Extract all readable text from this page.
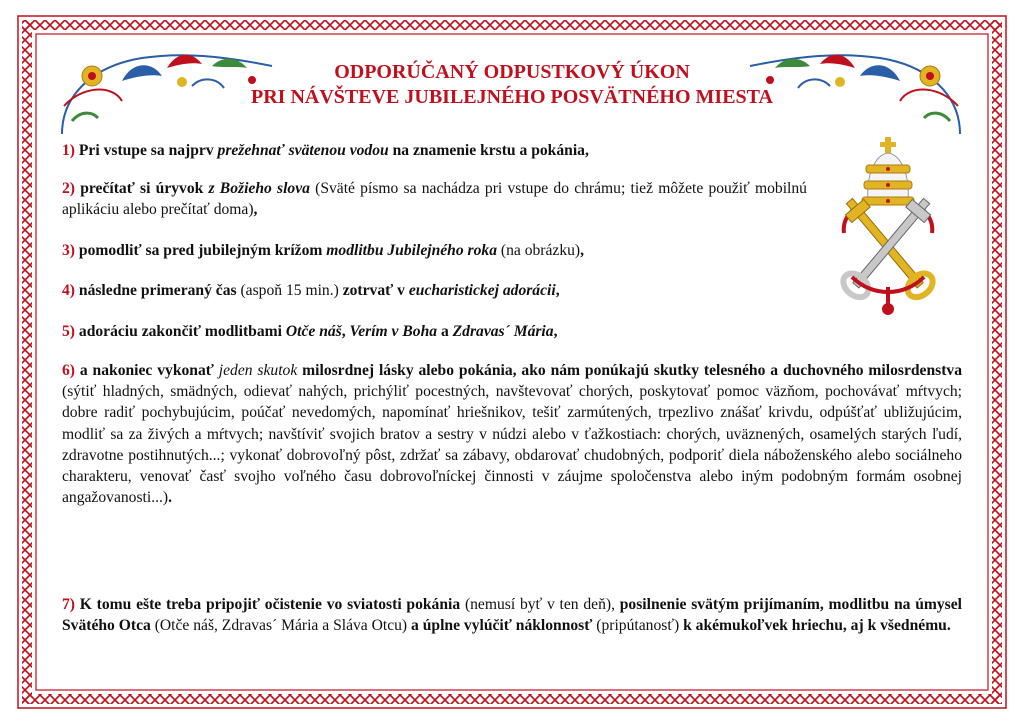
ODPORÚČANÝ ODPUSTKOVÝ ÚKON
PRI NÁVŠTEVE JUBILEJNÉHO POSVÄTNÉHO MIESTA

1) Pri vstupe sa najprv prežehnať svätenou vodou na znamenie krstu a pokánia,

2) prečítať si úryvok z Božieho slova (Sväté písmo sa nachádza pri vstupe do chrámu; tiež môžete použiť mobilnú aplikáciu alebo prečítať doma),

3) pomodliť sa pred jubilejným krížom modlitbu Jubilejného roka (na obrázku),

4) následne primeraný čas (aspoň 15 min.) zotrvať v eucharistickej adorácii,

5) adoráciu zakončiť modlitbami Otče náš, Verím v Boha a Zdravas´ Mária,

6) a nakoniec vykonať jeden skutok milosrdnej lásky alebo pokánia, ako nám ponúkajú skutky telesného a duchovného milosrdenstva (sýtiť hladných, smädných, odievať nahých, prichýliť pocestných, navštevovať chorých, poskytovať pomoc väzňom, pochovávať mŕtvych; dobre radiť pochybujúcim, poúčať nevedomých, napomínať hriešnikov, tešiť zarmútených, trpezlivo znášať krivdu, odpúšťať ubližujúcim, modliť sa za živých a mŕtvych; navštíviť svojich bratov a sestry v núdzi alebo v ťažkostiach: chorých, uväznených, osamelých starých ľudí, zdravotne postihnutých...; vykonať dobrovoľný pôst, zdržať sa zábavy, obdarovať chudobných, podporiť diela náboženského alebo sociálneho charakteru, venovať časť svojho voľného času dobrovoľníckej činnosti v záujme spoločenstva alebo iným podobným formám osobnej angažovanosti...).

7) K tomu ešte treba pripojiť očistenie vo sviatosti pokánia (nemusí byť v ten deň), posilnenie svätým prijímaním, modlitbu na úmysel Svätého Otca (Otče náš, Zdravas´ Mária a Sláva Otcu) a úplne vylúčiť náklonnosť (pripútanosť) k akémukoľvek hriechu, aj k všednému.
